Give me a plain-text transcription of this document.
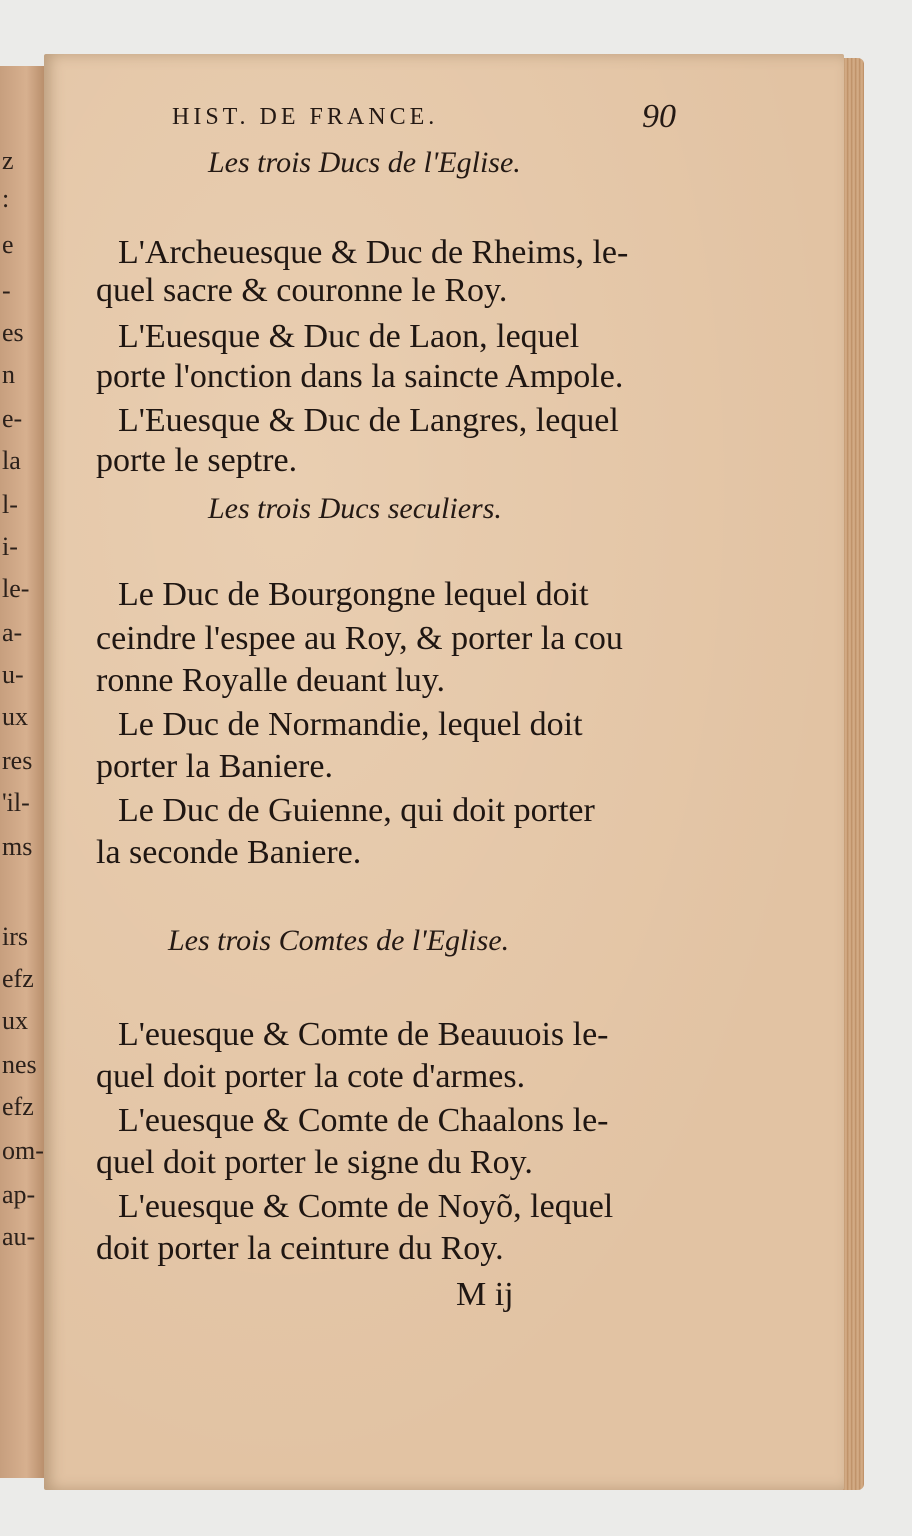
z
:
e
-
es
n
e-
la
l-
i-
le-
a-
u-
ux
res
'il-
ms
irs
efz
ux
nes
efz
om-
ap-
au-
HIST. DE FRANCE.	90
Les trois Ducs de l'Eglise.
L'Archeuesque & Duc de Rheims, le-
quel sacre & couronne le Roy.
L'Euesque & Duc de Laon, lequel
porte l'onction dans la saincte Ampole.
L'Euesque & Duc de Langres, lequel
porte le septre.
Les trois Ducs seculiers.
Le Duc de Bourgongne lequel doit
ceindre l'espee au Roy, & porter la cou
ronne Royalle deuant luy.
Le Duc de Normandie, lequel doit
porter la Baniere.
Le Duc de Guienne, qui doit porter
la seconde Baniere.
Les trois Comtes de l'Eglise.
L'euesque & Comte de Beauuois le-
quel doit porter la cote d'armes.
L'euesque & Comte de Chaalons le-
quel doit porter le signe du Roy.
L'euesque & Comte de Noyõ, lequel
doit porter la ceinture du Roy.
M ij
